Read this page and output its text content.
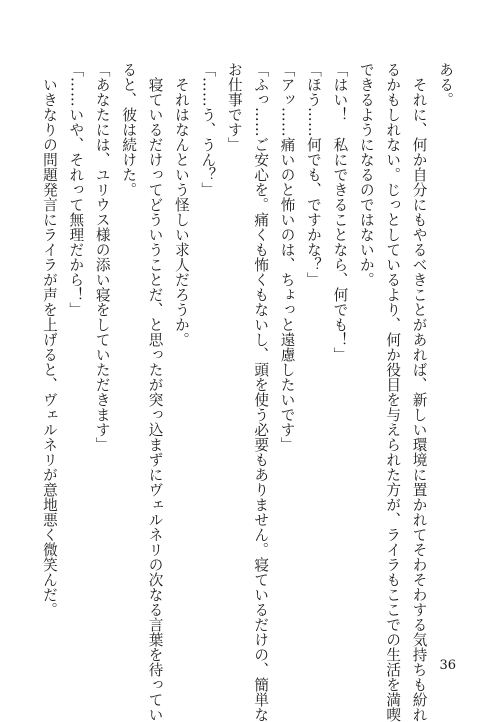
ある。
　それに、何か自分にもやるべきことがあれば、新しい環境に置かれてそわそわする気持ちも紛れ
るかもしれない。じっとしているより、何か役目を与えられた方が、ライラもここでの生活を満喫
できるようになるのではないか。
「はい！　私にできることなら、何でも！」
「ほう……何でも、ですかな？」
「アッ……痛いのと怖いのは、ちょっと遠慮したいです」
「ふっ……ご安心を。痛くも怖くもないし、頭を使う必要もありません。寝ているだけの、簡単な
お仕事です」
「……う、うん？」
　それはなんという怪しい求人だろうか。
　寝ているだけってどういうことだ、と思ったが突っ込まずにヴェルネリの次なる言葉を待ってい
ると、彼は続けた。
「あなたには、ユリウス様の添い寝をしていただきます」
「……いや、それって無理だから！」
　いきなりの問題発言にライラが声を上げると、ヴェルネリが意地悪く微笑んだ。
36
